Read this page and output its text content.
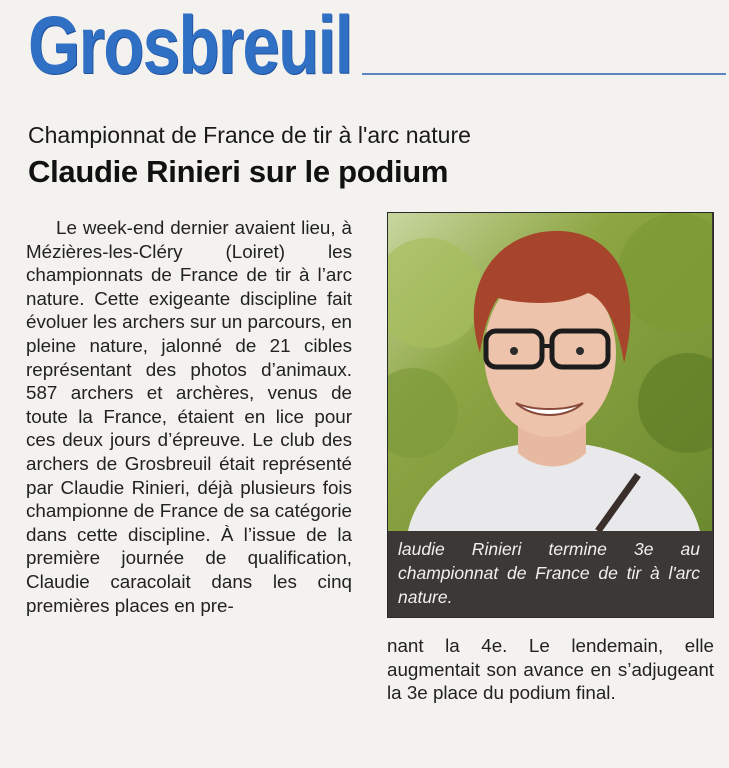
Grosbreuil
Championnat de France de tir à l'arc nature
Claudie Rinieri sur le podium

Le week-end dernier avaient lieu, à Mézières-les-Cléry (Loiret) les championnats de France de tir à l’arc nature. Cette exigeante discipline fait évoluer les archers sur un parcours, en pleine nature, jalonné de 21 cibles représentant des photos d’animaux. 587 archers et archères, venus de toute la France, étaient en lice pour ces deux jours d’épreuve. Le club des archers de Grosbreuil était représenté par Claudie Rinieri, déjà plusieurs fois championne de France de sa catégorie dans cette discipline. À l’issue de la première journée de qualification, Claudie caracolait dans les cinq premières places en pre-

laudie Rinieri termine 3e au championnat de France de tir à l'arc nature.

nant la 4e. Le lendemain, elle augmentait son avance en s’adjugeant la 3e place du podium final.
